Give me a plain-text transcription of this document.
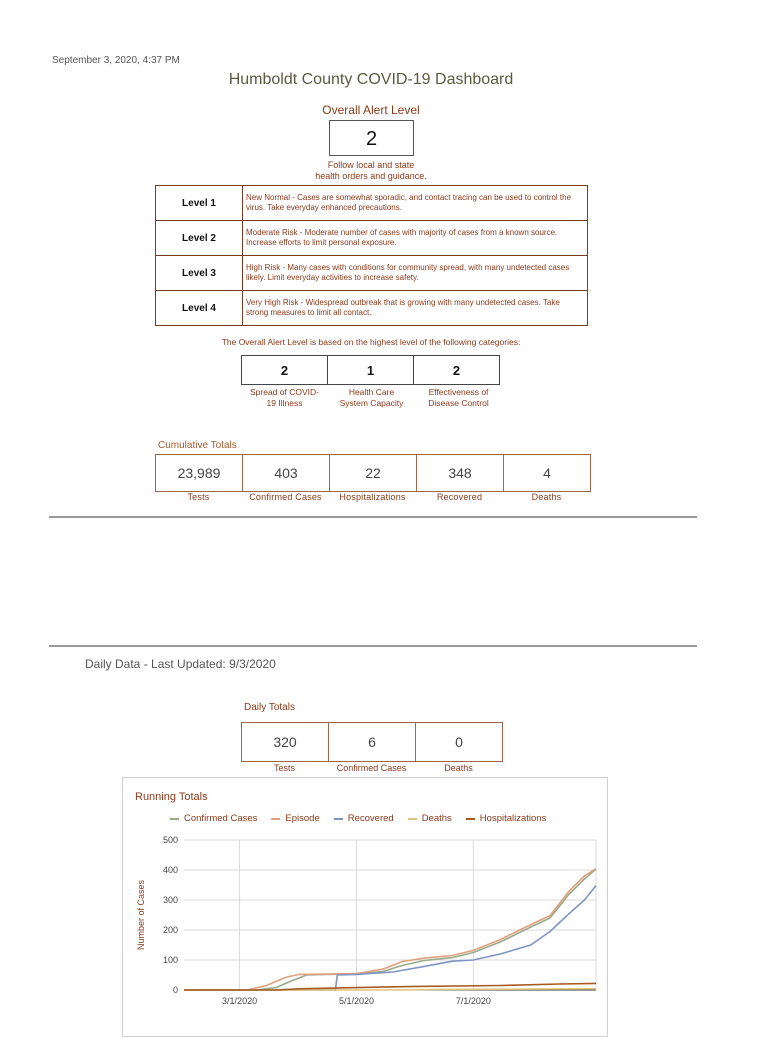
September 3, 2020, 4:37 PM
Humboldt County COVID-19 Dashboard
Overall Alert Level
2
Follow local and state
health orders and guidance.
Level 1	New Normal - Cases are somewhat sporadic, and contact tracing can be used to control the virus. Take everyday enhanced precautions.
Level 2	Moderate Risk - Moderate number of cases with majority of cases from a known source. Increase efforts to limit personal exposure.
Level 3	High Risk - Many cases with conditions for community spread, with many undetected cases likely. Limit everyday activities to increase safety.
Level 4	Very High Risk - Widespread outbreak that is growing with many undetected cases. Take strong measures to limit all contact.
The Overall Alert Level is based on the highest level of the following categories:
2	1	2
Spread of COVID-
19 Illness
Health Care
System Capacity
Effectiveness of
Disease Control
Cumulative Totals
23,989	403	22	348	4
Tests	Confirmed Cases	Hospitalizations	Recovered	Deaths
Daily Data - Last Updated: 9/3/2020
Daily Totals
320	6	0
Tests	Confirmed Cases	Deaths
Running Totals
Confirmed Cases	Episode	Recovered	Deaths	Hospitalizations
0
100
200
300
400
500
3/1/2020	5/1/2020	7/1/2020
Number of Cases
